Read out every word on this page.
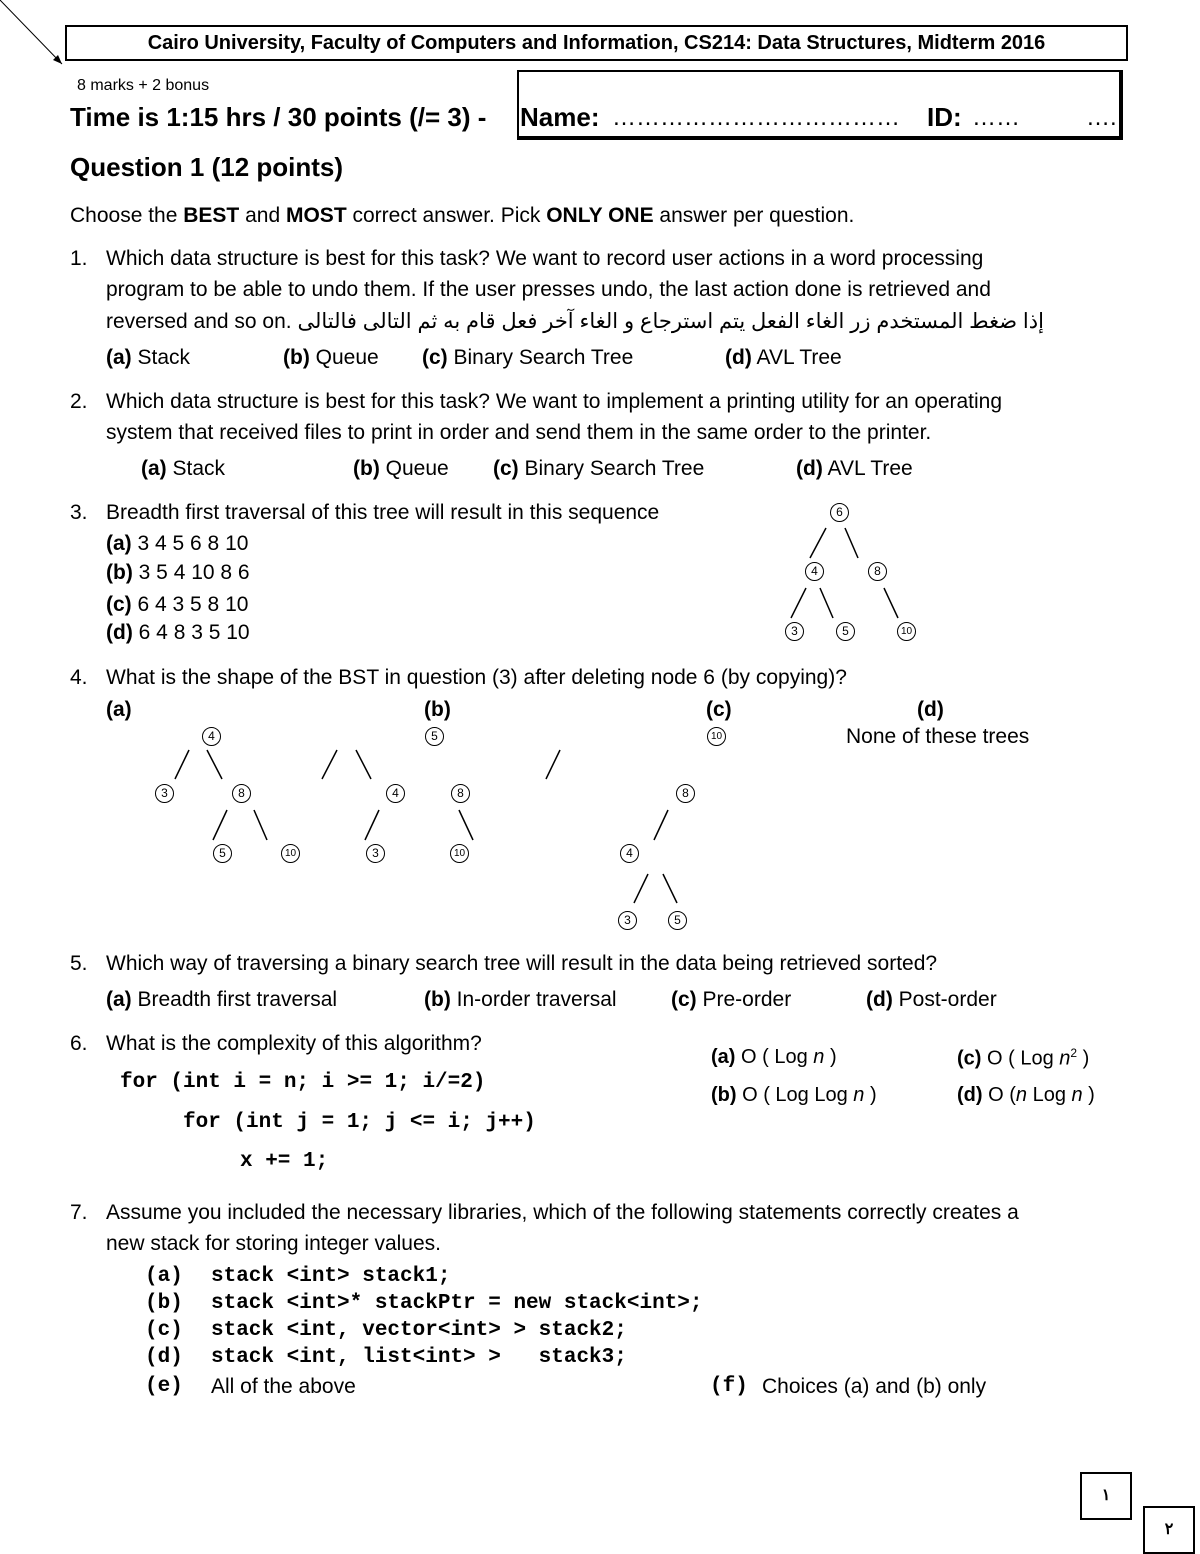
Cairo University, Faculty of Computers and Information, CS214: Data Structures, Midterm 2016
8 marks + 2 bonus
Time is 1:15 hrs / 30 points (/= 3) - Name: ……………………………… ID: ……	….
Question 1 (12 points)
Choose the BEST and MOST correct answer. Pick ONLY ONE answer per question.
1. Which data structure is best for this task? We want to record user actions in a word processing
program to be able to undo them. If the user presses undo, the last action done is retrieved and
reversed and so on. إذا ضغط المستخدم زر الغاء الفعل يتم استرجاع و الغاء آخر فعل قام به ثم التالى فالتالى
(a) Stack	(b) Queue (c) Binary Search Tree	(d) AVL Tree
2. Which data structure is best for this task? We want to implement a printing utility for an operating
system that received files to print in order and send them in the same order to the printer.
(a) Stack	(b) Queue (c) Binary Search Tree	(d) AVL Tree
3. Breadth first traversal of this tree will result in this sequence
(a) 3 4 5 6 8 10
(b) 3 5 4 10 8 6
(c) 6 4 3 5 8 10
(d) 6 4 8 3 5 10
6
4	8
3	5	10
4. What is the shape of the BST in question (3) after deleting node 6 (by copying)?
(a)	(b)	(c)	(d)
None of these trees
4
3	8
5	10
5
4	8
3	10
10
8
4
3	5
5. Which way of traversing a binary search tree will result in the data being retrieved sorted?
(a) Breadth first traversal	(b) In-order traversal	(c) Pre-order	(d) Post-order
6. What is the complexity of this algorithm?
for (int i = n; i >= 1; i/=2)
for (int j = 1; j <= i; j++)
x += 1;
(a) O ( Log n )	(c) O ( Log $n^2$ )
(b) O ( Log Log n )	(d) O (n Log n )
7. Assume you included the necessary libraries, which of the following statements correctly creates a
new stack for storing integer values.
(a) stack <int> stack1;
(b) stack <int>* stackPtr = new stack<int>;
(c) stack <int, vector<int> > stack2;
(d) stack <int, list<int> >   stack3;
(e) All of the above	(f) Choices (a) and (b) only
١
٢
